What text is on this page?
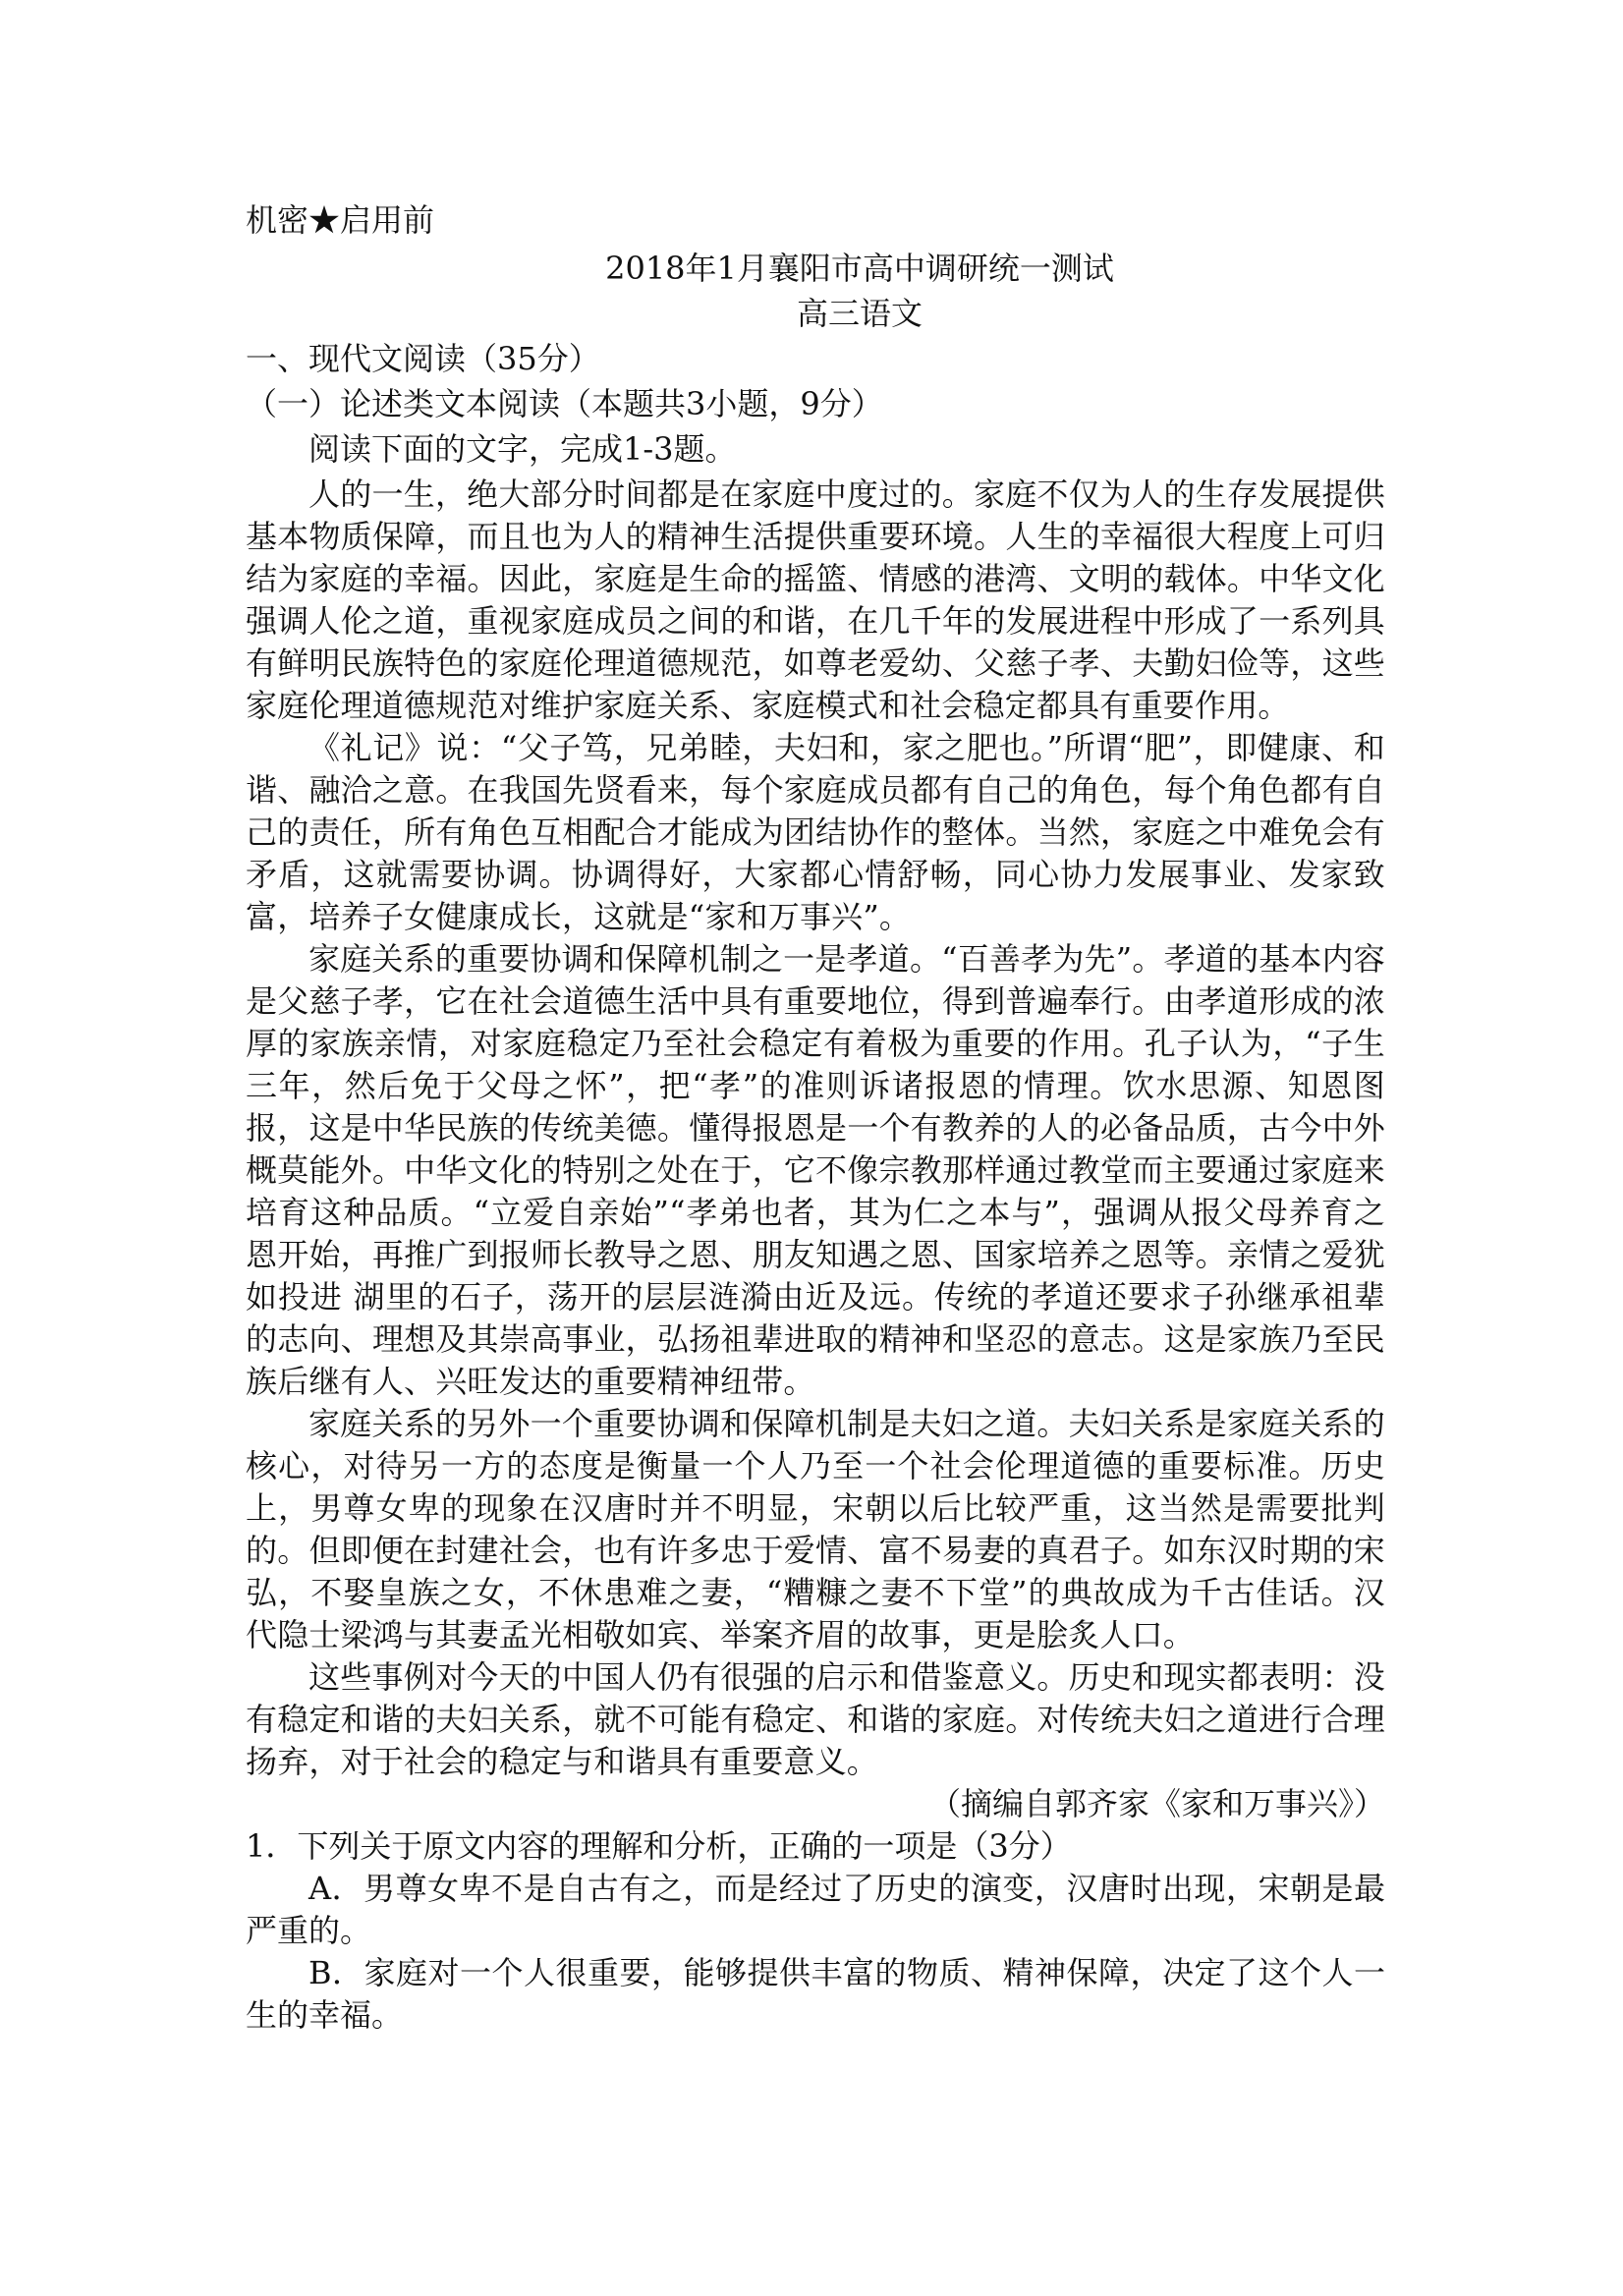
机密★启用前
2018年1月襄阳市高中调研统一测试
高三语文
一、现代文阅读（35分）
（一）论述类文本阅读（本题共3小题，9分）
阅读下面的文字，完成1-3题。

人的一生，绝大部分时间都是在家庭中度过的。家庭不仅为人的生存发展提供基本物质保障，而且也为人的精神生活提供重要环境。人生的幸福很大程度上可归结为家庭的幸福。因此，家庭是生命的摇篮、情感的港湾、文明的载体。中华文化强调人伦之道，重视家庭成员之间的和谐，在几千年的发展进程中形成了一系列具有鲜明民族特色的家庭伦理道德规范，如尊老爱幼、父慈子孝、夫勤妇俭等，这些家庭伦理道德规范对维护家庭关系、家庭模式和社会稳定都具有重要作用。

《礼记》说：“父子笃，兄弟睦，夫妇和，家之肥也。”所谓“肥”，即健康、和谐、融洽之意。在我国先贤看来，每个家庭成员都有自己的角色，每个角色都有自己的责任，所有角色互相配合才能成为团结协作的整体。当然，家庭之中难免会有矛盾，这就需要协调。协调得好，大家都心情舒畅，同心协力发展事业、发家致富，培养子女健康成长，这就是“家和万事兴”。

家庭关系的重要协调和保障机制之一是孝道。“百善孝为先”。孝道的基本内容是父慈子孝，它在社会道德生活中具有重要地位，得到普遍奉行。由孝道形成的浓厚的家族亲情，对家庭稳定乃至社会稳定有着极为重要的作用。孔子认为，“子生三年，然后免于父母之怀”，把“孝”的准则诉诸报恩的情理。饮水思源、知恩图报，这是中华民族的传统美德。懂得报恩是一个有教养的人的必备品质，古今中外概莫能外。中华文化的特别之处在于，它不像宗教那样通过教堂而主要通过家庭来培育这种品质。“立爱自亲始”“孝弟也者，其为仁之本与”，强调从报父母养育之恩开始，再推广到报师长教导之恩、朋友知遇之恩、国家培养之恩等。亲情之爱犹如投进 湖里的石子，荡开的层层涟漪由近及远。传统的孝道还要求子孙继承祖辈的志向、理想及其崇高事业，弘扬祖辈进取的精神和坚忍的意志。这是家族乃至民族后继有人、兴旺发达的重要精神纽带。

家庭关系的另外一个重要协调和保障机制是夫妇之道。夫妇关系是家庭关系的核心，对待另一方的态度是衡量一个人乃至一个社会伦理道德的重要标准。历史上，男尊女卑的现象在汉唐时并不明显，宋朝以后比较严重，这当然是需要批判的。但即便在封建社会，也有许多忠于爱情、富不易妻的真君子。如东汉时期的宋弘，不娶皇族之女，不休患难之妻，“糟糠之妻不下堂”的典故成为千古佳话。汉代隐士梁鸿与其妻孟光相敬如宾、举案齐眉的故事，更是脍炙人口。

这些事例对今天的中国人仍有很强的启示和借鉴意义。历史和现实都表明：没有稳定和谐的夫妇关系，就不可能有稳定、和谐的家庭。对传统夫妇之道进行合理扬弃，对于社会的稳定与和谐具有重要意义。

（摘编自郭齐家《家和万事兴》）
1．下列关于原文内容的理解和分析，正确的一项是（3分）

A．男尊女卑不是自古有之，而是经过了历史的演变，汉唐时出现，宋朝是最严重的。

B．家庭对一个人很重要，能够提供丰富的物质、精神保障，决定了这个人一生的幸福。
